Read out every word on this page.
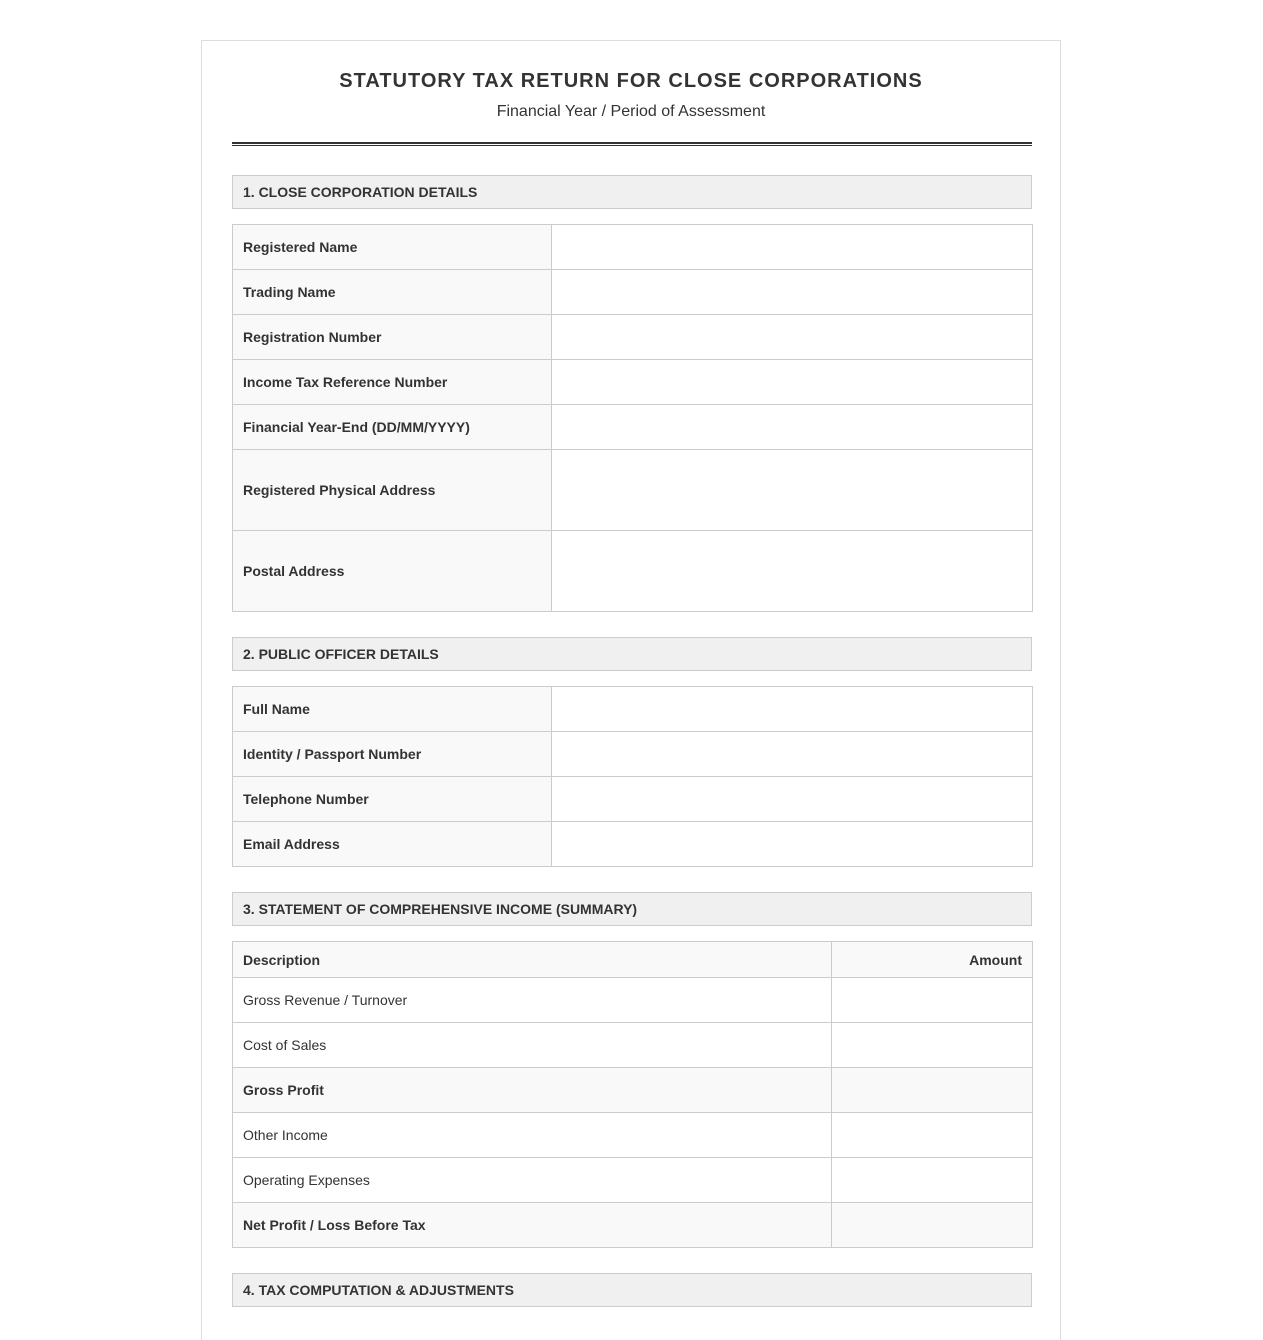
STATUTORY TAX RETURN FOR CLOSE CORPORATIONS
Financial Year / Period of Assessment
1. CLOSE CORPORATION DETAILS
Registered Name	
Trading Name	
Registration Number	
Income Tax Reference Number	
Financial Year-End (DD/MM/YYYY)	
Registered Physical Address	
Postal Address	
2. PUBLIC OFFICER DETAILS
Full Name	
Identity / Passport Number	
Telephone Number	
Email Address	
3. STATEMENT OF COMPREHENSIVE INCOME (SUMMARY)
Description	Amount
Gross Revenue / Turnover	
Cost of Sales	
Gross Profit	
Other Income	
Operating Expenses	
Net Profit / Loss Before Tax	
4. TAX COMPUTATION & ADJUSTMENTS
